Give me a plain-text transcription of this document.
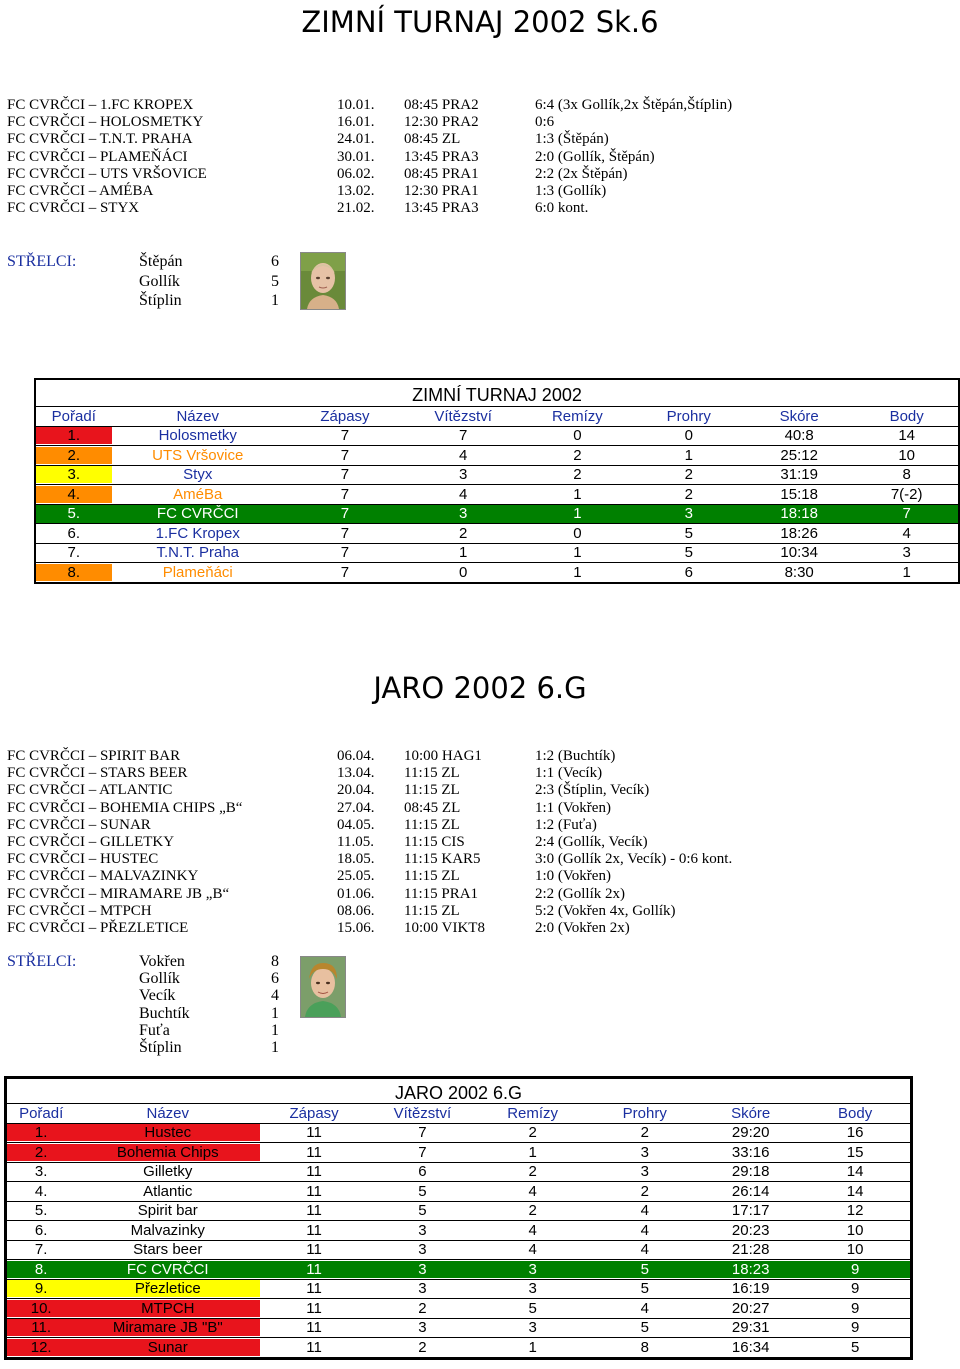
ZIMNÍ TURNAJ 2002 Sk.6
FC CVRČCI – 1.FC KROPEX	10.01. 08:45 PRA2	6:4 (3x Gollík,2x Štěpán,Štíplin)
FC CVRČCI – HOLOSMETKY	16.01. 12:30 PRA2	0:6
FC CVRČCI – T.N.T. PRAHA	24.01. 08:45 ZL	1:3 (Štěpán)
FC CVRČCI – PLAMEŇÁCI	30.01. 13:45 PRA3	2:0 (Gollík, Štěpán)
FC CVRČCI – UTS VRŠOVICE	06.02. 08:45 PRA1	2:2 (2x Štěpán)
FC CVRČCI – AMÉBA	13.02. 12:30 PRA1	1:3 (Gollík)
FC CVRČCI – STYX	21.02. 13:45 PRA3	6:0 kont.
STŘELCI:	Štěpán	6
Gollík	5
Štíplin	1
ZIMNÍ TURNAJ 2002
Pořadí	Název	Zápasy	Vítězství	Remízy	Prohry	Skóre	Body
1.	Holosmetky	7	7	0	0	40:8	14
2.	UTS Vršovice	7	4	2	1	25:12	10
3.	Styx	7	3	2	2	31:19	8
4.	AméBa	7	4	1	2	15:18	7(-2)
5.	FC CVRČCI	7	3	1	3	18:18	7
6.	1.FC Kropex	7	2	0	5	18:26	4
7.	T.N.T. Praha	7	1	1	5	10:34	3
8.	Plameňáci	7	0	1	6	8:30	1
JARO 2002 6.G
FC CVRČCI – SPIRIT BAR	06.04. 10:00 HAG1	1:2 (Buchtík)
FC CVRČCI – STARS BEER	13.04. 11:15 ZL	1:1 (Vecík)
FC CVRČCI – ATLANTIC	20.04. 11:15 ZL	2:3 (Štíplin, Vecík)
FC CVRČCI – BOHEMIA CHIPS „B“	27.04. 08:45 ZL	1:1 (Vokřen)
FC CVRČCI – SUNAR	04.05. 11:15 ZL	1:2 (Fuťa)
FC CVRČCI – GILLETKY	11.05. 11:15 CIS	2:4 (Gollík, Vecík)
FC CVRČCI – HUSTEC	18.05. 11:15 KAR5	3:0 (Gollík 2x, Vecík) - 0:6 kont.
FC CVRČCI – MALVAZINKY	25.05. 11:15 ZL	1:0 (Vokřen)
FC CVRČCI – MIRAMARE JB „B“	01.06. 11:15 PRA1	2:2 (Gollík 2x)
FC CVRČCI – MTPCH	08.06. 11:15 ZL	5:2 (Vokřen 4x, Gollík)
FC CVRČCI – PŘEZLETICE	15.06. 10:00 VIKT8	2:0 (Vokřen 2x)
STŘELCI:	Vokřen	8
Gollík	6
Vecík	4
Buchtík	1
Fuťa	1
Štíplin	1
JARO 2002 6.G
Pořadí	Název	Zápasy	Vítězství	Remízy	Prohry	Skóre	Body
1.	Hustec	11	7	2	2	29:20	16
2.	Bohemia Chips	11	7	1	3	33:16	15
3.	Gilletky	11	6	2	3	29:18	14
4.	Atlantic	11	5	4	2	26:14	14
5.	Spirit bar	11	5	2	4	17:17	12
6.	Malvazinky	11	3	4	4	20:23	10
7.	Stars beer	11	3	4	4	21:28	10
8.	FC CVRČCI	11	3	3	5	18:23	9
9.	Přezletice	11	3	3	5	16:19	9
10.	MTPCH	11	2	5	4	20:27	9
11.	Miramare JB "B"	11	3	3	5	29:31	9
12.	Sunar	11	2	1	8	16:34	5
